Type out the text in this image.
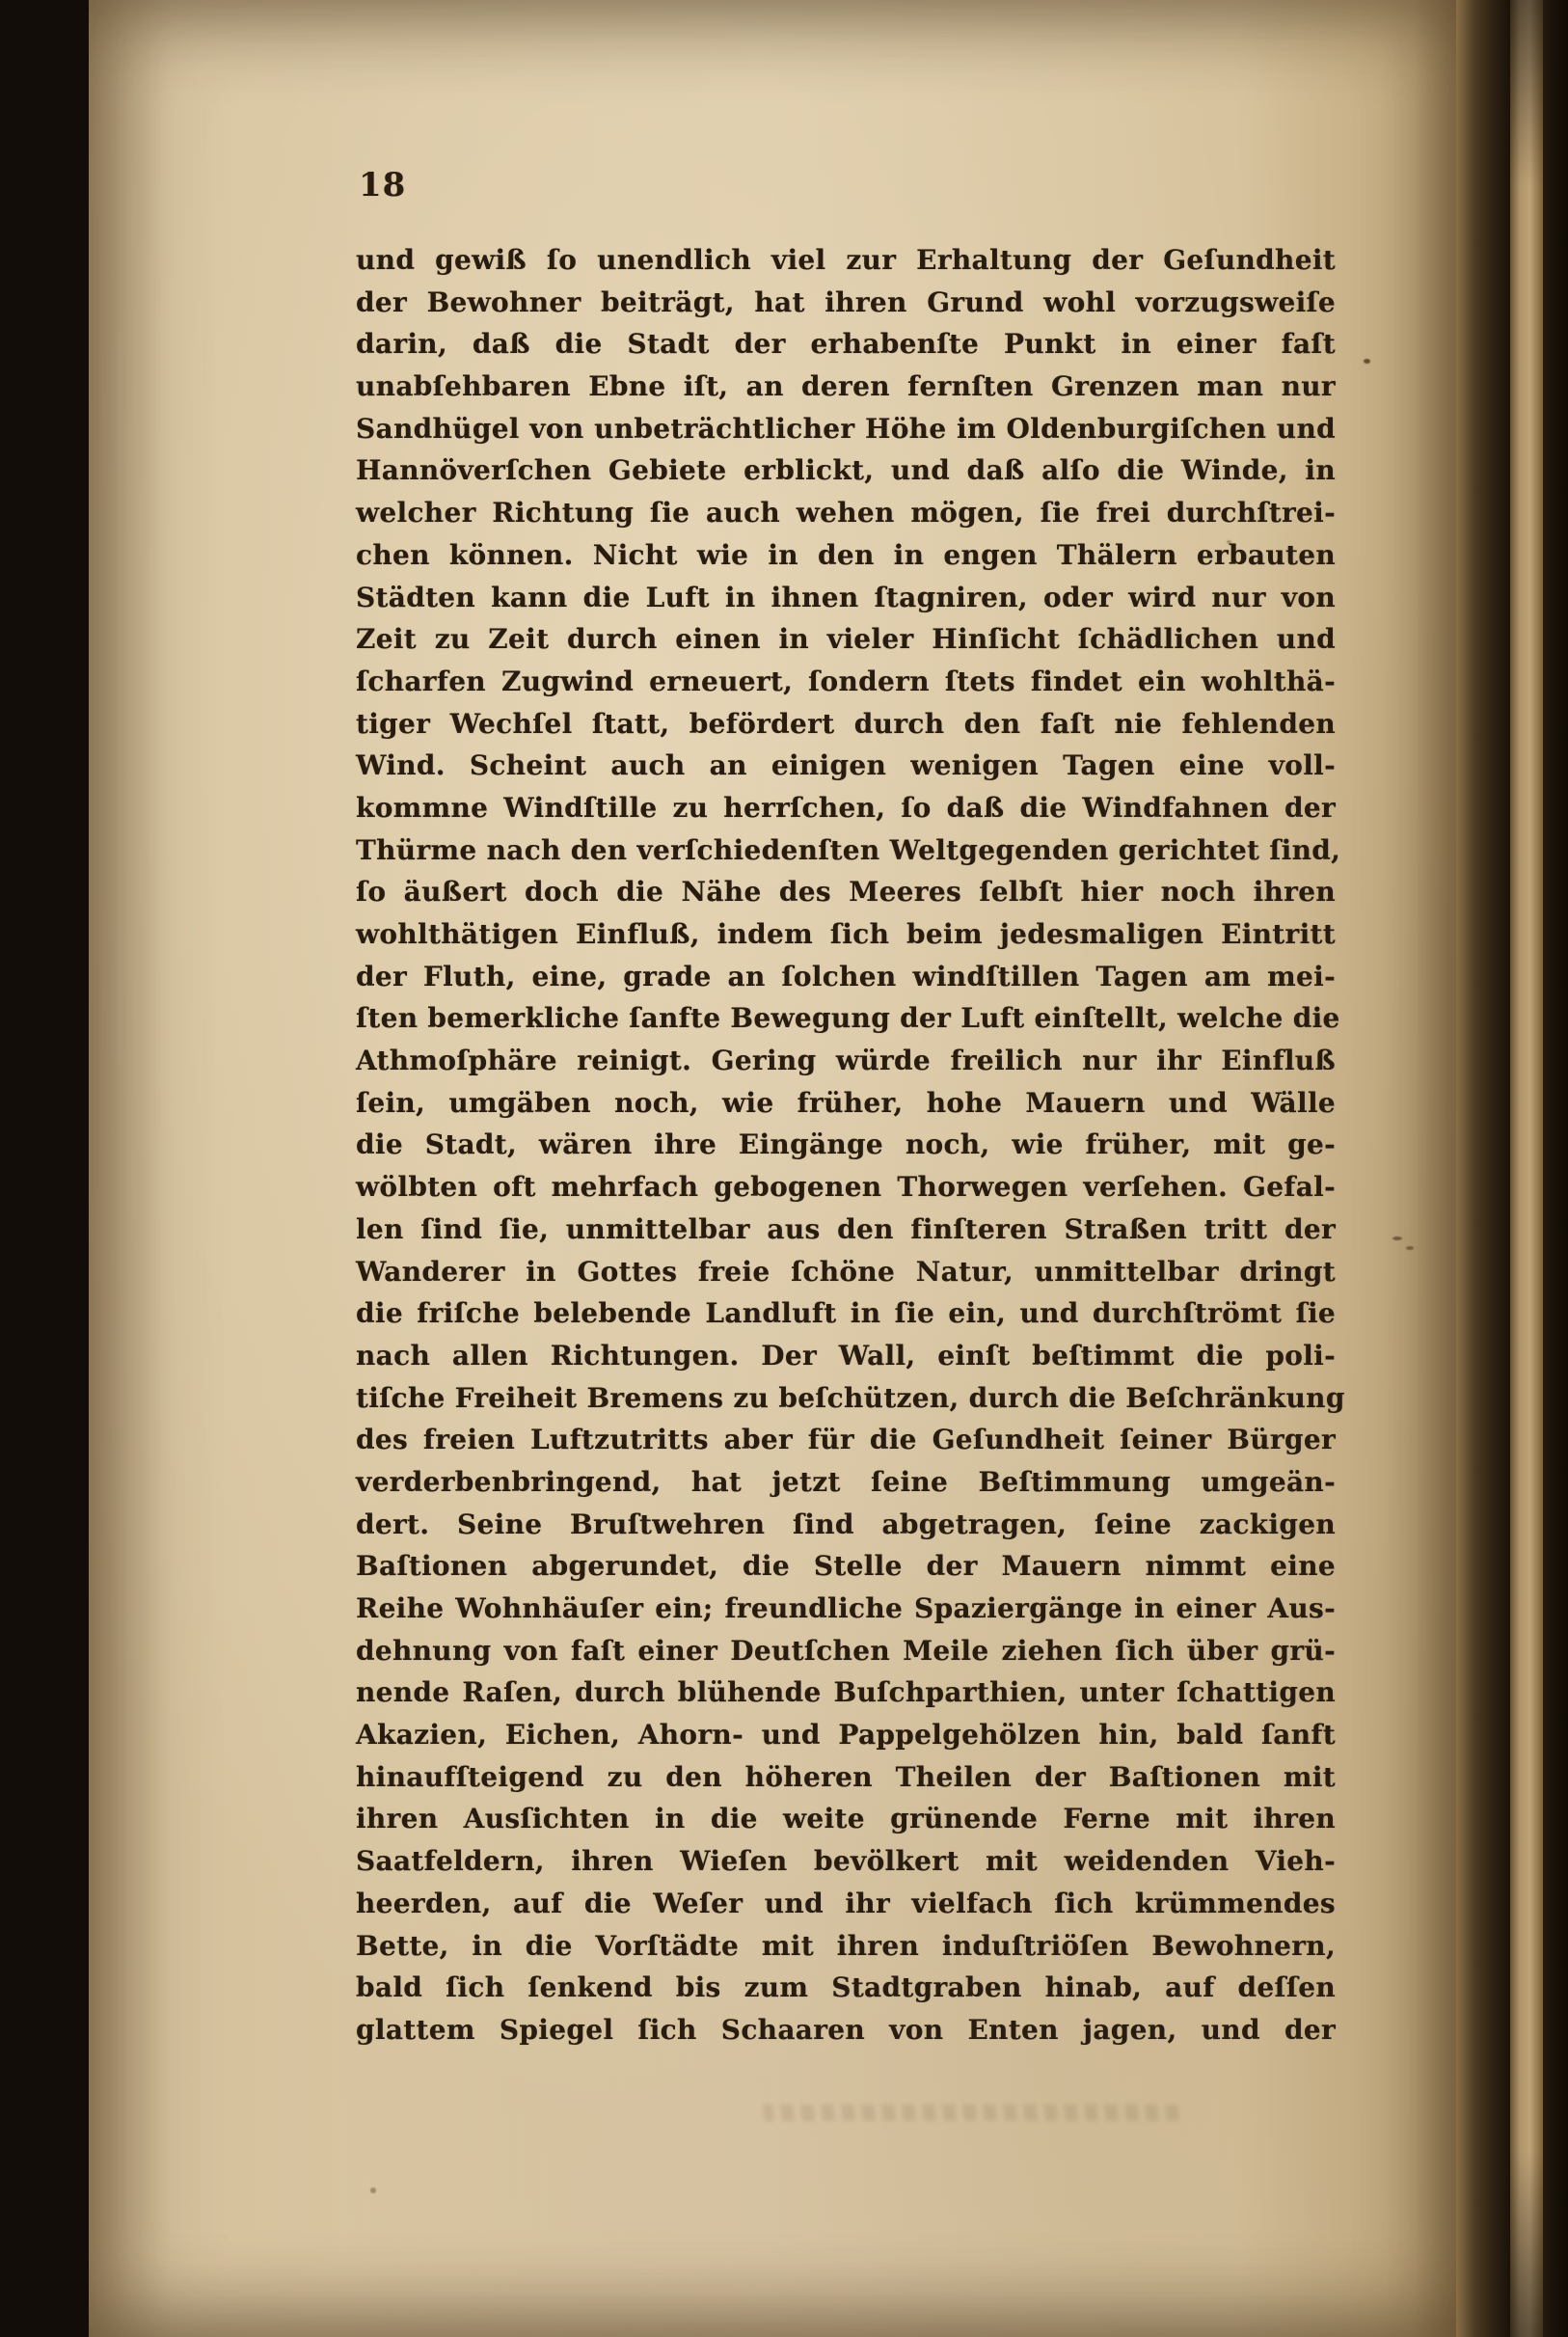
18
und gewiß ſo unendlich viel zur Erhaltung der Geſundheit
der Bewohner beiträgt, hat ihren Grund wohl vorzugsweiſe
darin, daß die Stadt der erhabenſte Punkt in einer faſt
unabſehbaren Ebne iſt, an deren fernſten Grenzen man nur
Sandhügel von unbeträchtlicher Höhe im Oldenburgiſchen und
Hannöverſchen Gebiete erblickt, und daß alſo die Winde, in
welcher Richtung ſie auch wehen mögen, ſie frei durchſtrei-
chen können. Nicht wie in den in engen Thälern erbauten
Städten kann die Luft in ihnen ſtagniren, oder wird nur von
Zeit zu Zeit durch einen in vieler Hinſicht ſchädlichen und
ſcharfen Zugwind erneuert, ſondern ſtets findet ein wohlthä-
tiger Wechſel ſtatt, befördert durch den faſt nie fehlenden
Wind. Scheint auch an einigen wenigen Tagen eine voll-
kommne Windſtille zu herrſchen, ſo daß die Windfahnen der
Thürme nach den verſchiedenſten Weltgegenden gerichtet ſind,
ſo äußert doch die Nähe des Meeres ſelbſt hier noch ihren
wohlthätigen Einfluß, indem ſich beim jedesmaligen Eintritt
der Fluth, eine, grade an ſolchen windſtillen Tagen am mei-
ſten bemerkliche ſanfte Bewegung der Luft einſtellt, welche die
Athmoſphäre reinigt. Gering würde freilich nur ihr Einfluß
ſein, umgäben noch, wie früher, hohe Mauern und Wälle
die Stadt, wären ihre Eingänge noch, wie früher, mit ge-
wölbten oft mehrfach gebogenen Thorwegen verſehen. Gefal-
len ſind ſie, unmittelbar aus den finſteren Straßen tritt der
Wanderer in Gottes freie ſchöne Natur, unmittelbar dringt
die friſche belebende Landluft in ſie ein, und durchſtrömt ſie
nach allen Richtungen. Der Wall, einſt beſtimmt die poli-
tiſche Freiheit Bremens zu beſchützen, durch die Beſchränkung
des freien Luftzutritts aber für die Geſundheit ſeiner Bürger
verderbenbringend, hat jetzt ſeine Beſtimmung umgeän-
dert. Seine Bruſtwehren ſind abgetragen, ſeine zackigen
Baſtionen abgerundet, die Stelle der Mauern nimmt eine
Reihe Wohnhäuſer ein; freundliche Spaziergänge in einer Aus-
dehnung von faſt einer Deutſchen Meile ziehen ſich über grü-
nende Raſen, durch blühende Buſchparthien, unter ſchattigen
Akazien, Eichen, Ahorn- und Pappelgehölzen hin, bald ſanft
hinaufſteigend zu den höheren Theilen der Baſtionen mit
ihren Ausſichten in die weite grünende Ferne mit ihren
Saatfeldern, ihren Wieſen bevölkert mit weidenden Vieh-
heerden, auf die Weſer und ihr vielfach ſich krümmendes
Bette, in die Vorſtädte mit ihren induſtriöſen Bewohnern,
bald ſich ſenkend bis zum Stadtgraben hinab, auf deſſen
glattem Spiegel ſich Schaaren von Enten jagen, und der
